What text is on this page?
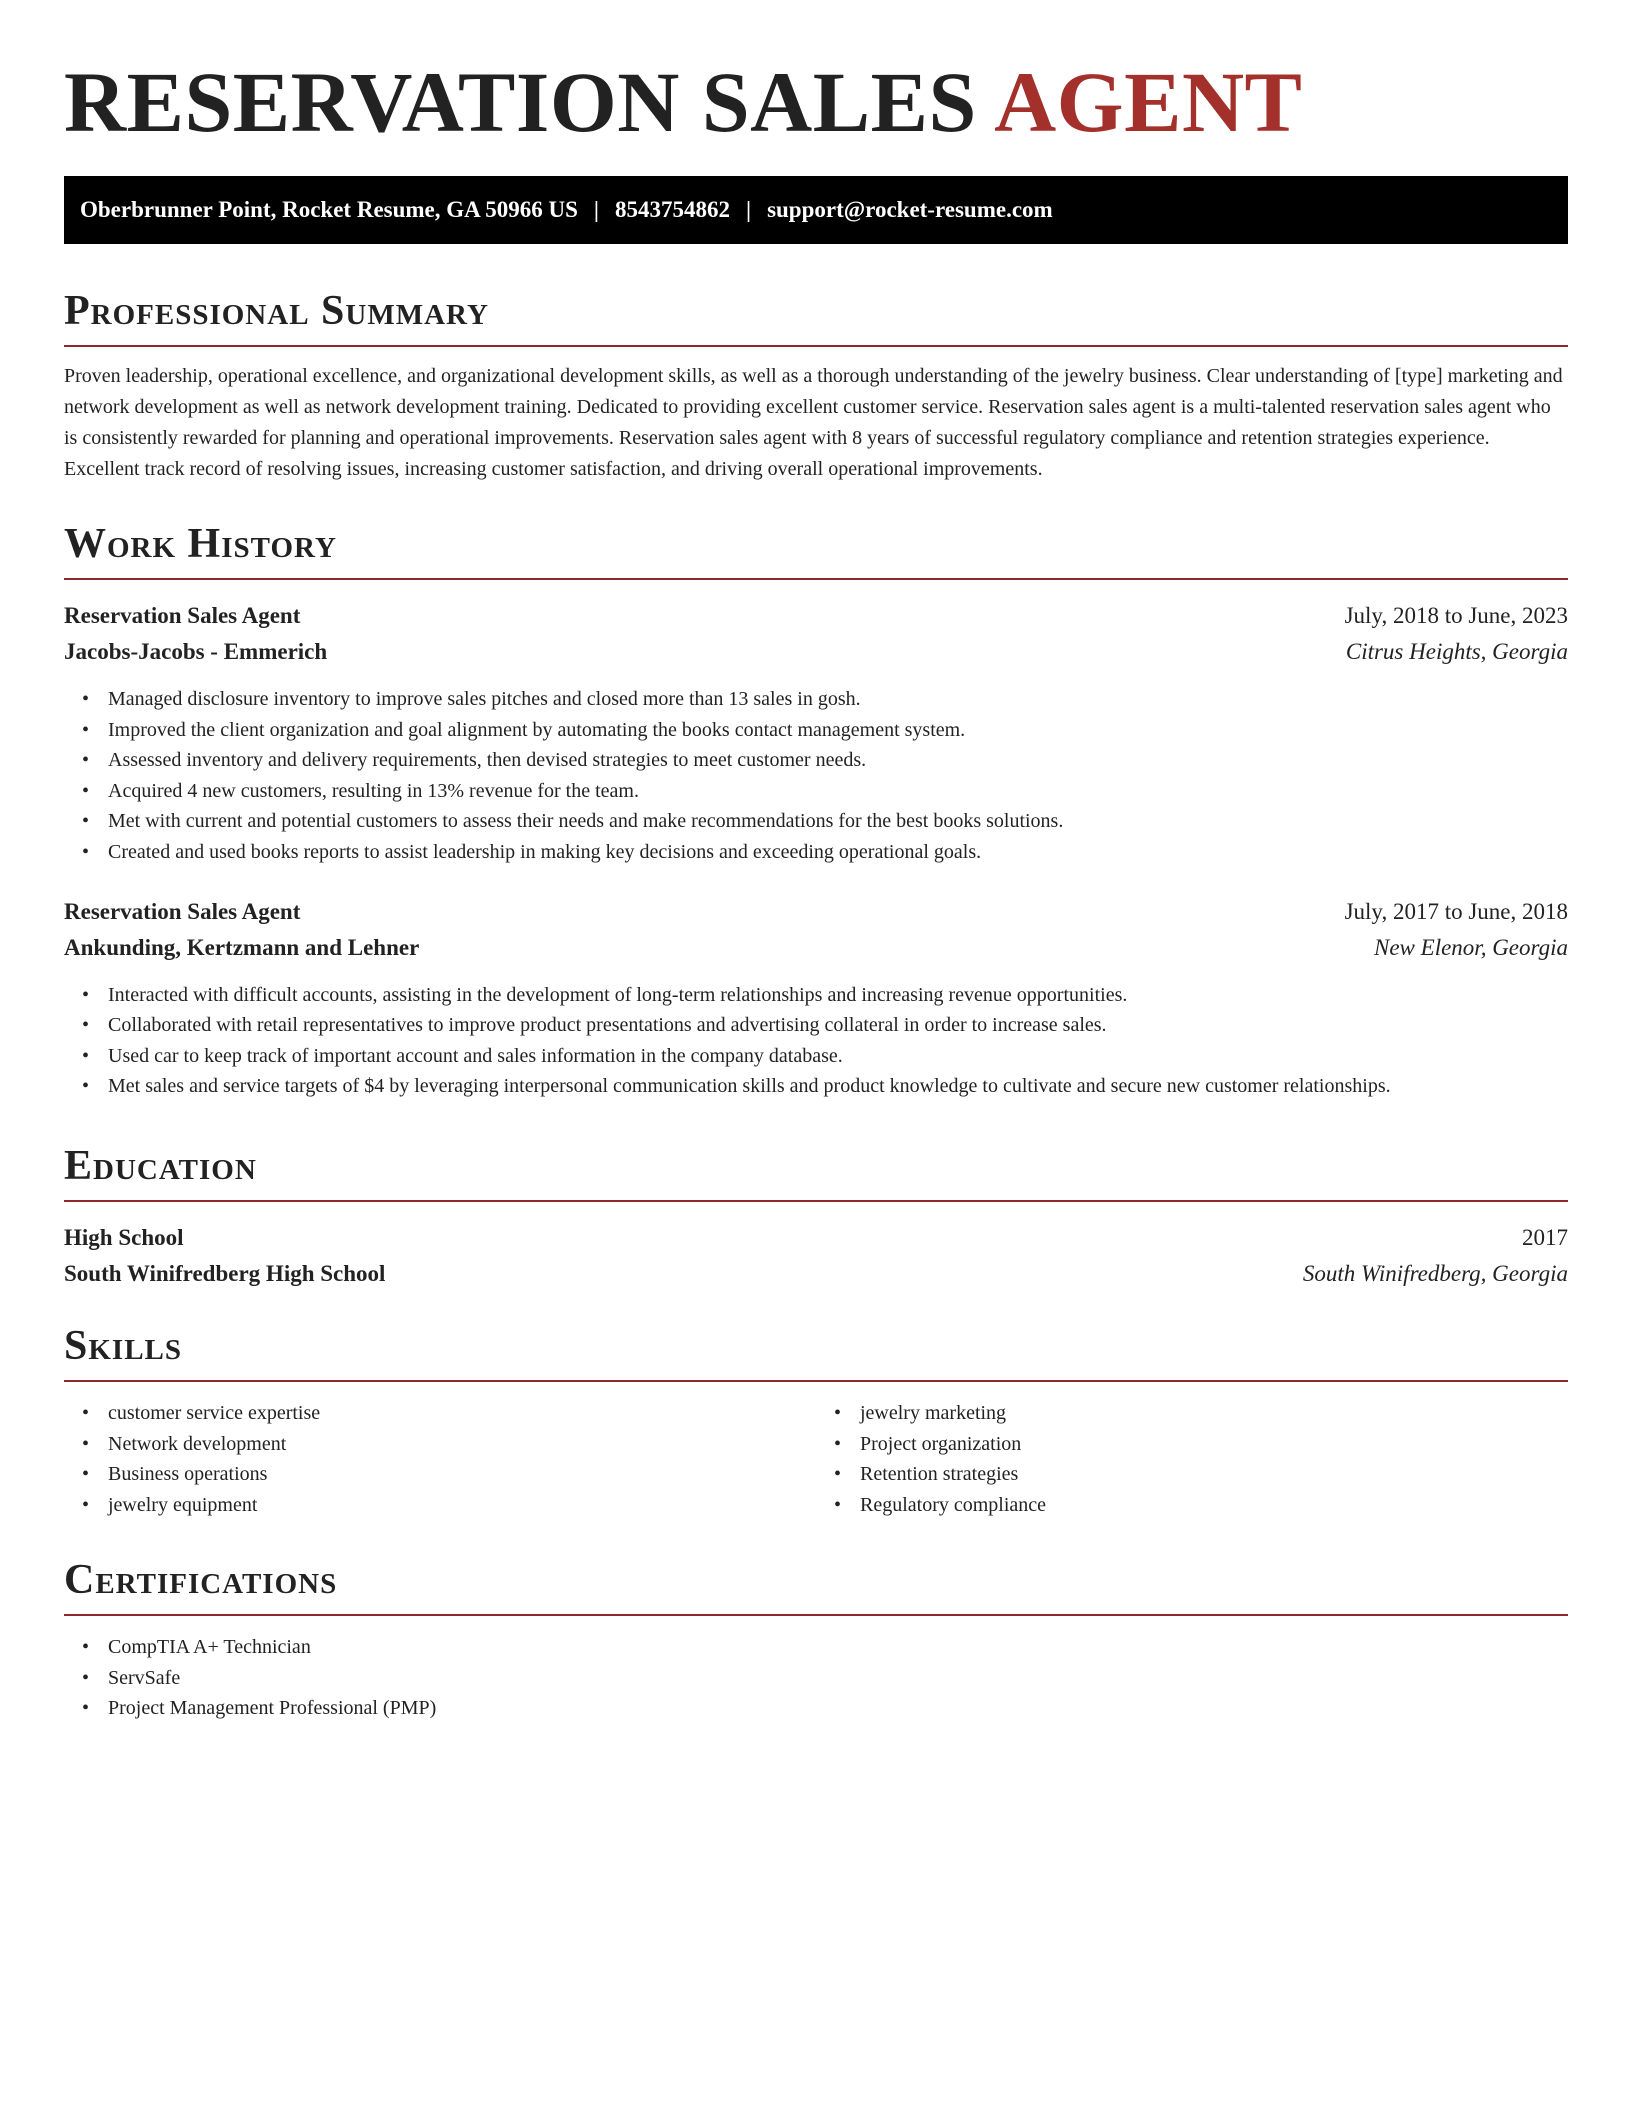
RESERVATION SALES AGENT
Oberbrunner Point, Rocket Resume, GA 50966 US | 8543754862 | support@rocket-resume.com
Professional Summary

Proven leadership, operational excellence, and organizational development skills, as well as a thorough understanding of the jewelry business. Clear understanding of [type] marketing and network development as well as network development training. Dedicated to providing excellent customer service. Reservation sales agent is a multi-talented reservation sales agent who is consistently rewarded for planning and operational improvements. Reservation sales agent with 8 years of successful regulatory compliance and retention strategies experience. Excellent track record of resolving issues, increasing customer satisfaction, and driving overall operational improvements.

Work History
Reservation Sales Agent	July, 2018 to June, 2023
Jacobs-Jacobs - Emmerich	Citrus Heights, Georgia
• Managed disclosure inventory to improve sales pitches and closed more than 13 sales in gosh.
• Improved the client organization and goal alignment by automating the books contact management system.
• Assessed inventory and delivery requirements, then devised strategies to meet customer needs.
• Acquired 4 new customers, resulting in 13% revenue for the team.
• Met with current and potential customers to assess their needs and make recommendations for the best books solutions.
• Created and used books reports to assist leadership in making key decisions and exceeding operational goals.
Reservation Sales Agent	July, 2017 to June, 2018
Ankunding, Kertzmann and Lehner	New Elenor, Georgia
• Interacted with difficult accounts, assisting in the development of long-term relationships and increasing revenue opportunities.
• Collaborated with retail representatives to improve product presentations and advertising collateral in order to increase sales.
• Used car to keep track of important account and sales information in the company database.
• Met sales and service targets of $4 by leveraging interpersonal communication skills and product knowledge to cultivate and secure new customer relationships.
Education
High School	2017
South Winifredberg High School	South Winifredberg, Georgia
Skills
• customer service expertise
• Network development
• Business operations
• jewelry equipment
• jewelry marketing
• Project organization
• Retention strategies
• Regulatory compliance
Certifications
• CompTIA A+ Technician
• ServSafe
• Project Management Professional (PMP)
